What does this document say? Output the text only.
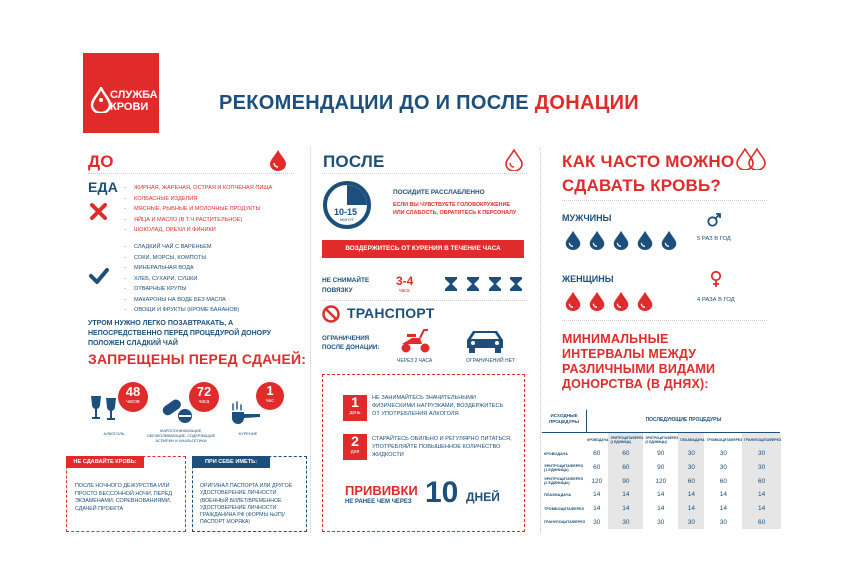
СЛУЖБА
КРОВИ	РЕКОМЕНДАЦИИ ДО И ПОСЛЕ ДОНАЦИИ
ДО
ЕДА	- ЖИРНАЯ, ЖАРЕНАЯ, ОСТРАЯ И КОПЧЕНАЯ ПИЩА
- КОЛБАСНЫЕ ИЗДЕЛИЯ
- МЯСНЫЕ, РЫБНЫЕ И МОЛОЧНЫЕ ПРОДУКТЫ
- ЯЙЦА И МАСЛО (В Т.Ч РАСТИТЕЛЬНОЕ)
- ШОКОЛАД, ОРЕХИ И ФИНИКИ
- СЛАДКИЙ ЧАЙ С ВАРЕНЬЕМ
- СОКИ, МОРСЫ, КОМПОТЫ
- МИНЕРАЛЬНАЯ ВОДА
- ХЛЕБ, СУХАРИ, СУШКИ
- ОТВАРНЫЕ КРУПЫ
- МАКАРОНЫ НА ВОДЕ БЕЗ МАСЛА
- ОВОЩИ И ФРУКТЫ (КРОМЕ БАНАНОВ)
УТРОМ НУЖНО ЛЕГКО ПОЗАВТРАКАТЬ, А НЕПОСРЕДСТВЕННО ПЕРЕД ПРОЦЕДУРОЙ ДОНОРУ ПОЛОЖЕН СЛАДКИЙ ЧАЙ
ЗАПРЕЩЕНЫ ПЕРЕД СДАЧЕЙ:
48
часов
АЛКОГОЛЬ
72
часа
ЖАРОПОНИЖАЮЩИЕ, ОБЕЗБОЛИВАЮЩИЕ, СОДЕРЖАЩИЕ АСПИРИН И АНАЛЬГЕТИКИ
1
час
КУРЕНИЕ
НЕ СДАВАЙТЕ КРОВЬ:
ПОСЛЕ НОЧНОГО ДЕЖУРСТВА ИЛИ ПРОСТО БЕССОННОЙ НОЧИ, ПЕРЕД ЭКЗАМЕНАМИ, СОРЕВНОВАНИЯМИ, СДАЧЕЙ ПРОЕКТА
ПРИ СЕБЕ ИМЕТЬ:
ОРИГИНАЛ ПАСПОРТА ИЛИ ДРУГОЕ УДОСТОВЕРЕНИЕ ЛИЧНОСТИ (ВОЕННЫЙ БИЛЕТ/ВРЕМЕННОЕ УДОСТОВЕРЕНИЕ ЛИЧНОСТИ ГРАЖДАНИНА РФ (ФОРМЫ №2П)/ПАСПОРТ МОРЯКА)
ПОСЛЕ
10-15
МИНУТ
ПОСИДИТЕ РАССЛАБЛЕННО
ЕСЛИ ВЫ ЧУВСТВУЕТЕ ГОЛОВОКРУЖЕНИЕ ИЛИ СЛАБОСТЬ, ОБРАТИТЕСЬ К ПЕРСОНАЛУ
ВОЗДЕРЖИТЕСЬ ОТ КУРЕНИЯ В ТЕЧЕНИЕ ЧАСА
НЕ СНИМАЙТЕ ПОВЯЗКУ
3-4
часа
ТРАНСПОРТ
ОГРАНИЧЕНИЯ ПОСЛЕ ДОНАЦИИ:
ЧЕРЕЗ 2 ЧАСА	ОГРАНИЧЕНИЙ НЕТ
1
день
НЕ ЗАНИМАЙТЕСЬ ЗНАЧИТЕЛЬНЫМИ ФИЗИЧЕСКИМИ НАГРУЗКАМИ, ВОЗДЕРЖИТЕСЬ ОТ УПОТРЕБЛЕНИЯ АЛКОГОЛЯ
2
дня
СТАРАЙТЕСЬ ОБИЛЬНО И РЕГУЛЯРНО ПИТАТЬСЯ, УПОТРЕБЛЯЙТЕ ПОВЫШЕННОЕ КОЛИЧЕСТВО ЖИДКОСТИ
ПРИВИВКИ
НЕ РАНЕЕ ЧЕМ ЧЕРЕЗ 10 ДНЕЙ
КАК ЧАСТО МОЖНО
СДАВАТЬ КРОВЬ?
МУЖЧИНЫ
5 РАЗ В ГОД
ЖЕНЩИНЫ
4 РАЗА В ГОД
МИНИМАЛЬНЫЕ
ИНТЕРВАЛЫ МЕЖДУ
РАЗЛИЧНЫМИ ВИДАМИ
ДОНОРСТВА (В ДНЯХ):
ИСХОДНЫЕ ПРОЦЕДУРЫ	ПОСЛЕДУЮЩИЕ ПРОЦЕДУРЫ
	КРОВОДАЧА	ЭРИТРОЦИТАФЕРЕЗ (1 ЕДИНИЦА)	ЭРИТРОЦИТАФЕРЕЗ (2 ЕДИНИЦЫ)	ПЛАЗМАДАЧА	ТРОМБОЦИТАФЕРЕЗ	ГРАНУЛОЦИТАФЕРЕЗ
КРОВОДАЧА	60	60	90	30	30	30
ЭРИТРОЦИТАФЕРЕЗ (1 ЕДИНИЦА)	60	60	90	30	30	30
ЭРИТРОЦИТАФЕРЕЗ (2 ЕДИНИЦЫ)	120	90	120	60	60	60
ПЛАЗМАДАЧА	14	14	14	14	14	14
ТРОМБОЦИТАФЕРЕЗ	14	14	14	14	14	14
ГРАНУЛОЦИТАФЕРЕЗ	30	30	30	30	30	60
